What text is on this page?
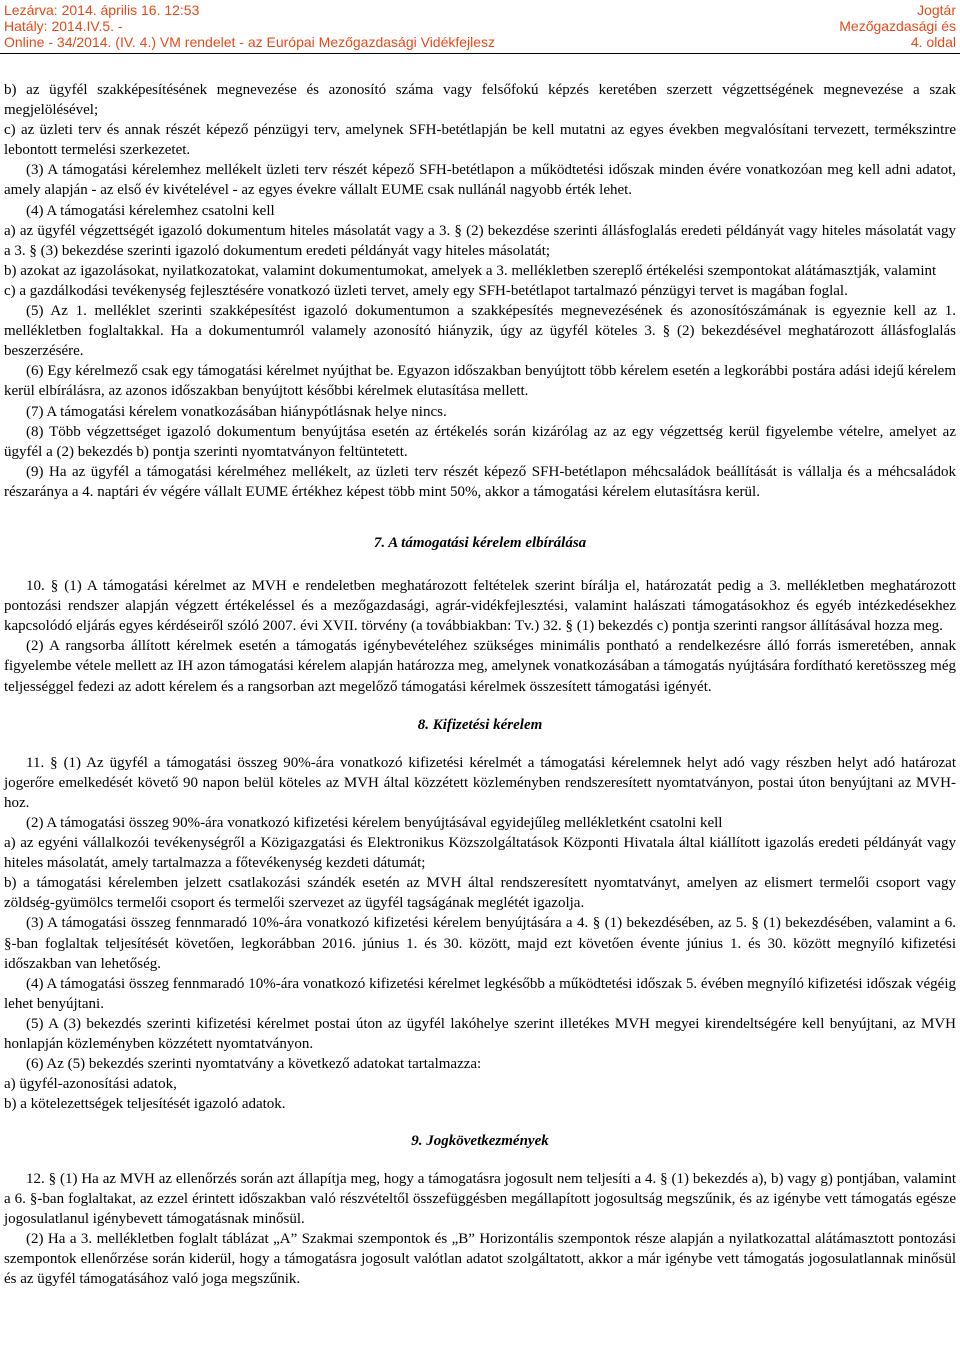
Lezárva: 2014. április 16. 12:53
Hatály: 2014.IV.5. -
Online - 34/2014. (IV. 4.) VM rendelet - az Európai Mezőgazdasági Vidékfejlesz
Jogtár
Mezőgazdasági és
4. oldal

b) az ügyfél szakképesítésének megnevezése és azonosító száma vagy felsőfokú képzés keretében szerzett végzettségének megnevezése a szak megjelölésével;

c) az üzleti terv és annak részét képező pénzügyi terv, amelynek SFH-betétlapján be kell mutatni az egyes években megvalósítani tervezett, termékszintre lebontott termelési szerkezetet.

(3) A támogatási kérelemhez mellékelt üzleti terv részét képező SFH-betétlapon a működtetési időszak minden évére vonatkozóan meg kell adni adatot, amely alapján - az első év kivételével - az egyes évekre vállalt EUME csak nullánál nagyobb érték lehet.

(4) A támogatási kérelemhez csatolni kell

a) az ügyfél végzettségét igazoló dokumentum hiteles másolatát vagy a 3. § (2) bekezdése szerinti állásfoglalás eredeti példányát vagy hiteles másolatát vagy a 3. § (3) bekezdése szerinti igazoló dokumentum eredeti példányát vagy hiteles másolatát;

b) azokat az igazolásokat, nyilatkozatokat, valamint dokumentumokat, amelyek a 3. mellékletben szereplő értékelési szempontokat alátámasztják, valamint

c) a gazdálkodási tevékenység fejlesztésére vonatkozó üzleti tervet, amely egy SFH-betétlapot tartalmazó pénzügyi tervet is magában foglal.

(5) Az 1. melléklet szerinti szakképesítést igazoló dokumentumon a szakképesítés megnevezésének és azonosítószámának is egyeznie kell az 1. mellékletben foglaltakkal. Ha a dokumentumról valamely azonosító hiányzik, úgy az ügyfél köteles 3. § (2) bekezdésével meghatározott állásfoglalás beszerzésére.

(6) Egy kérelmező csak egy támogatási kérelmet nyújthat be. Egyazon időszakban benyújtott több kérelem esetén a legkorábbi postára adási idejű kérelem kerül elbírálásra, az azonos időszakban benyújtott későbbi kérelmek elutasítása mellett.

(7) A támogatási kérelem vonatkozásában hiánypótlásnak helye nincs.

(8) Több végzettséget igazoló dokumentum benyújtása esetén az értékelés során kizárólag az az egy végzettség kerül figyelembe vételre, amelyet az ügyfél a (2) bekezdés b) pontja szerinti nyomtatványon feltüntetett.

(9) Ha az ügyfél a támogatási kérelméhez mellékelt, az üzleti terv részét képező SFH-betétlapon méhcsaládok beállítását is vállalja és a méhcsaládok részaránya a 4. naptári év végére vállalt EUME értékhez képest több mint 50%, akkor a támogatási kérelem elutasításra kerül.

7. A támogatási kérelem elbírálása

10. § (1) A támogatási kérelmet az MVH e rendeletben meghatározott feltételek szerint bírálja el, határozatát pedig a 3. mellékletben meghatározott pontozási rendszer alapján végzett értékeléssel és a mezőgazdasági, agrár-vidékfejlesztési, valamint halászati támogatásokhoz és egyéb intézkedésekhez kapcsolódó eljárás egyes kérdéseiről szóló 2007. évi XVII. törvény (a továbbiakban: Tv.) 32. § (1) bekezdés c) pontja szerinti rangsor állításával hozza meg.

(2) A rangsorba állított kérelmek esetén a támogatás igénybevételéhez szükséges minimális pontható a rendelkezésre álló forrás ismeretében, annak figyelembe vétele mellett az IH azon támogatási kérelem alapján határozza meg, amelynek vonatkozásában a támogatás nyújtására fordítható keretösszeg még teljességgel fedezi az adott kérelem és a rangsorban azt megelőző támogatási kérelmek összesített támogatási igényét.

8. Kifizetési kérelem

11. § (1) Az ügyfél a támogatási összeg 90%-ára vonatkozó kifizetési kérelmét a támogatási kérelemnek helyt adó vagy részben helyt adó határozat jogerőre emelkedését követő 90 napon belül köteles az MVH által közzétett közleményben rendszeresített nyomtatványon, postai úton benyújtani az MVH-hoz.

(2) A támogatási összeg 90%-ára vonatkozó kifizetési kérelem benyújtásával egyidejűleg mellékletként csatolni kell

a) az egyéni vállalkozói tevékenységről a Közigazgatási és Elektronikus Közszolgáltatások Központi Hivatala által kiállított igazolás eredeti példányát vagy hiteles másolatát, amely tartalmazza a főtevékenység kezdeti dátumát;

b) a támogatási kérelemben jelzett csatlakozási szándék esetén az MVH által rendszeresített nyomtatványt, amelyen az elismert termelői csoport vagy zöldség-gyümölcs termelői csoport és termelői szervezet az ügyfél tagságának meglétét igazolja.

(3) A támogatási összeg fennmaradó 10%-ára vonatkozó kifizetési kérelem benyújtására a 4. § (1) bekezdésében, az 5. § (1) bekezdésében, valamint a 6. §-ban foglaltak teljesítését követően, legkorábban 2016. június 1. és 30. között, majd ezt követően évente június 1. és 30. között megnyíló kifizetési időszakban van lehetőség.

(4) A támogatási összeg fennmaradó 10%-ára vonatkozó kifizetési kérelmet legkésőbb a működtetési időszak 5. évében megnyíló kifizetési időszak végéig lehet benyújtani.

(5) A (3) bekezdés szerinti kifizetési kérelmet postai úton az ügyfél lakóhelye szerint illetékes MVH megyei kirendeltségére kell benyújtani, az MVH honlapján közleményben közzétett nyomtatványon.

(6) Az (5) bekezdés szerinti nyomtatvány a következő adatokat tartalmazza:

a) ügyfél-azonosítási adatok,

b) a kötelezettségek teljesítését igazoló adatok.

9. Jogkövetkezmények

12. § (1) Ha az MVH az ellenőrzés során azt állapítja meg, hogy a támogatásra jogosult nem teljesíti a 4. § (1) bekezdés a), b) vagy g) pontjában, valamint a 6. §-ban foglaltakat, az ezzel érintett időszakban való részvételtől összefüggésben megállapított jogosultság megszűnik, és az igénybe vett támogatás egésze jogosulatlanul igénybevett támogatásnak minősül.

(2) Ha a 3. mellékletben foglalt táblázat „A” Szakmai szempontok és „B” Horizontális szempontok része alapján a nyilatkozattal alátámasztott pontozási szempontok ellenőrzése során kiderül, hogy a támogatásra jogosult valótlan adatot szolgáltatott, akkor a már igénybe vett támogatás jogosulatlannak minősül és az ügyfél támogatásához való joga megszűnik.
